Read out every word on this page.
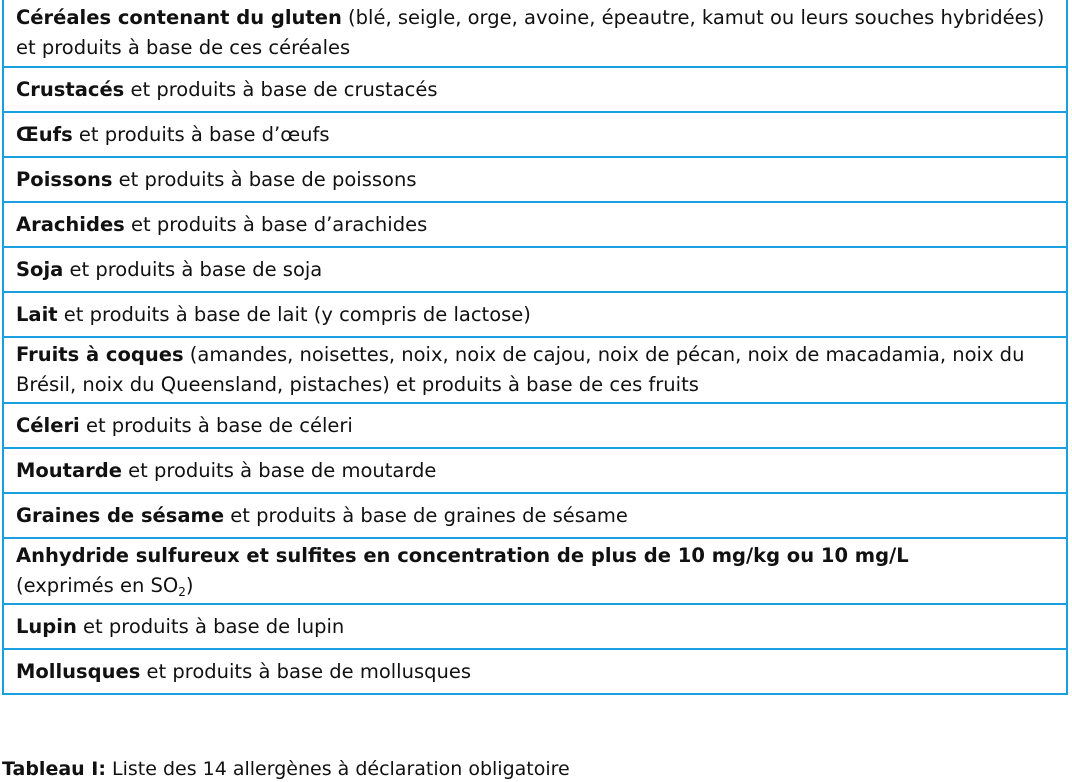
Céréales contenant du gluten (blé, seigle, orge, avoine, épeautre, kamut ou leurs souches hybridées) et produits à base de ces céréales
Crustacés et produits à base de crustacés
Œufs et produits à base d’œufs
Poissons et produits à base de poissons
Arachides et produits à base d’arachides
Soja et produits à base de soja
Lait et produits à base de lait (y compris de lactose)
Fruits à coques (amandes, noisettes, noix, noix de cajou, noix de pécan, noix de macadamia, noix du Brésil, noix du Queensland, pistaches) et produits à base de ces fruits
Céleri et produits à base de céleri
Moutarde et produits à base de moutarde
Graines de sésame et produits à base de graines de sésame
Anhydride sulfureux et sulfites en concentration de plus de 10 mg/kg ou 10 mg/L
(exprimés en $SO_2$)
Lupin et produits à base de lupin
Mollusques et produits à base de mollusques
Tableau I: Liste des 14 allergènes à déclaration obligatoire
